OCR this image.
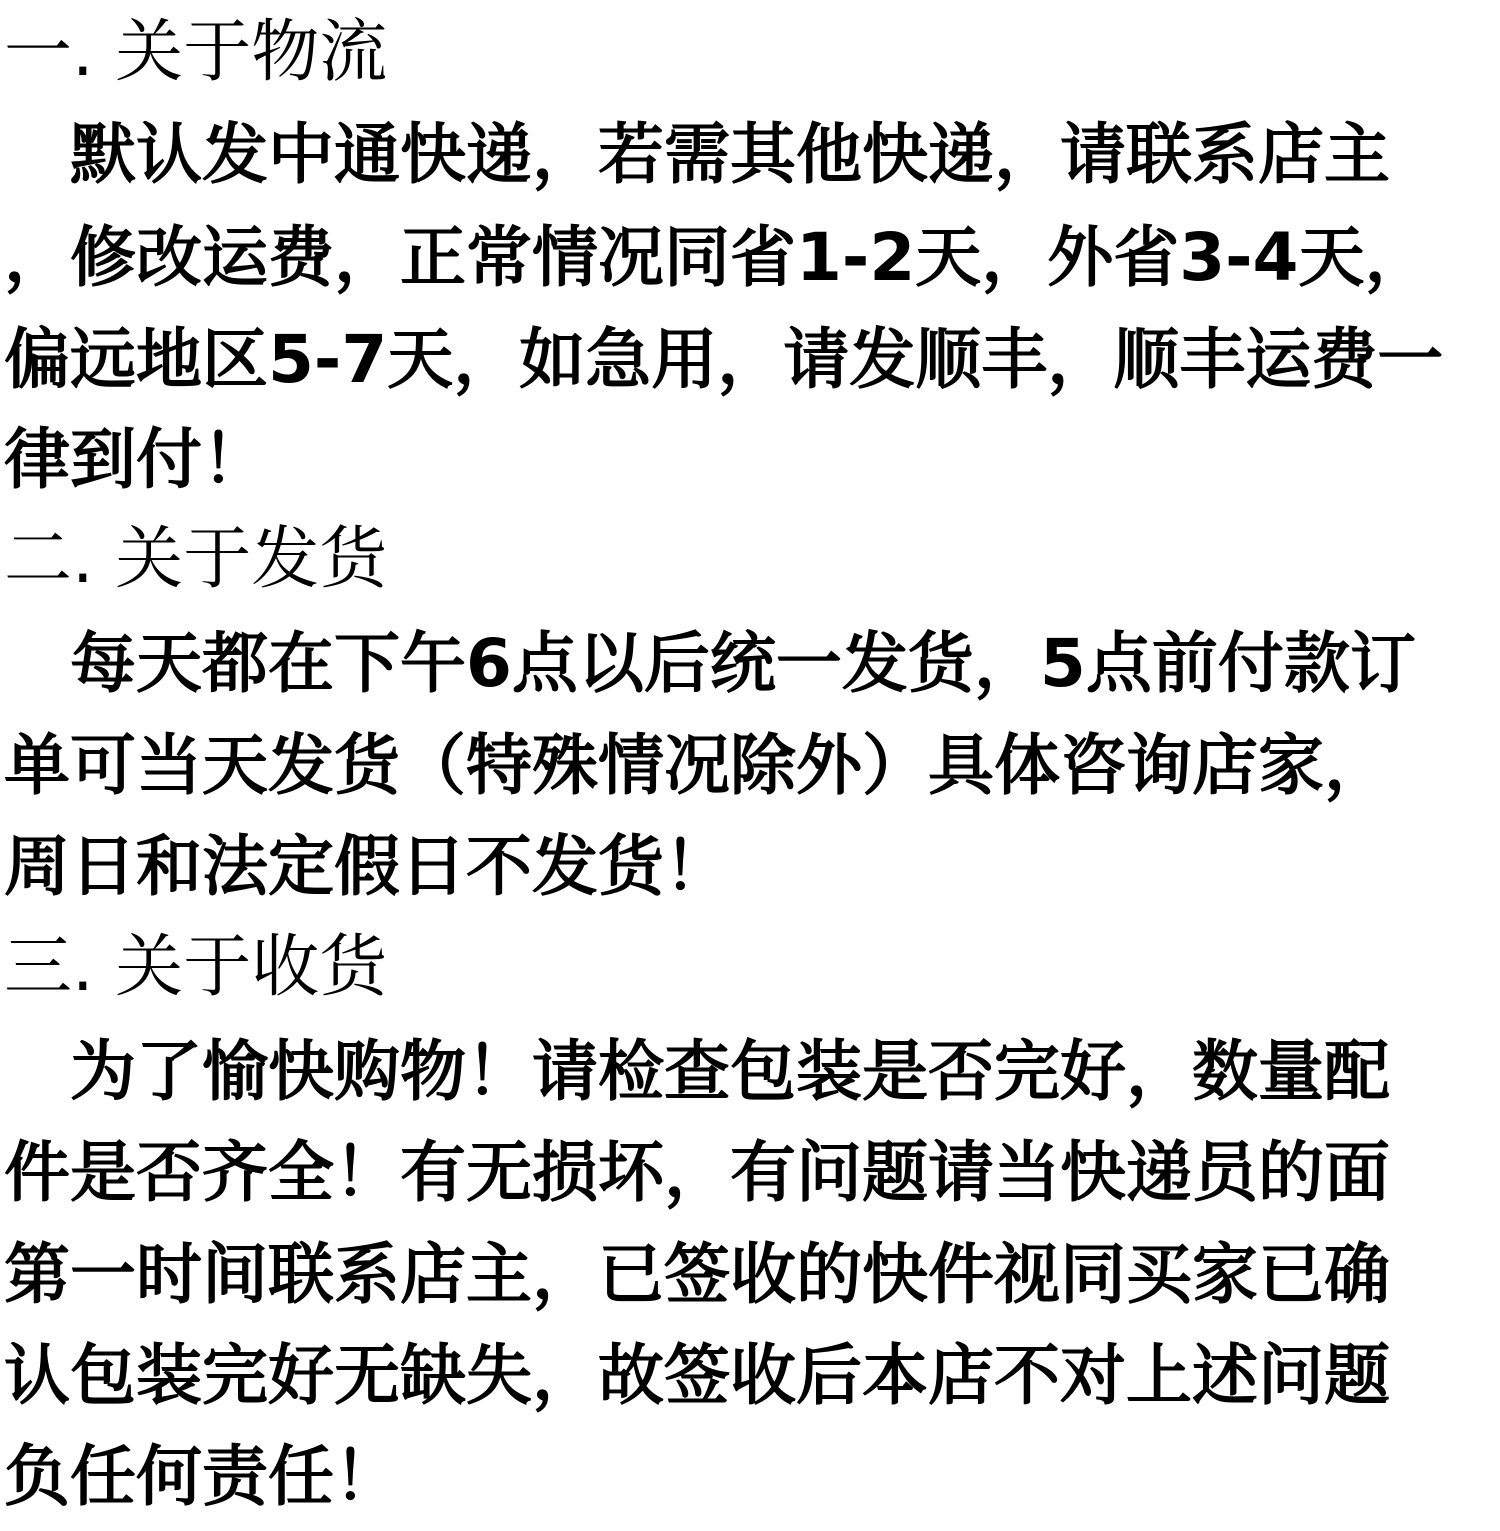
一. 关于物流
默认发中通快递，若需其他快递，请联系店主
，修改运费，正常情况同省1-2天，外省3-4天，
偏远地区5-7天，如急用，请发顺丰，顺丰运费一
律到付！
二. 关于发货
每天都在下午6点以后统一发货，5点前付款订
单可当天发货（特殊情况除外）具体咨询店家，
周日和法定假日不发货！
三. 关于收货
为了愉快购物！请检查包装是否完好，数量配
件是否齐全！有无损坏，有问题请当快递员的面
第一时间联系店主，已签收的快件视同买家已确
认包装完好无缺失，故签收后本店不对上述问题
负任何责任！
